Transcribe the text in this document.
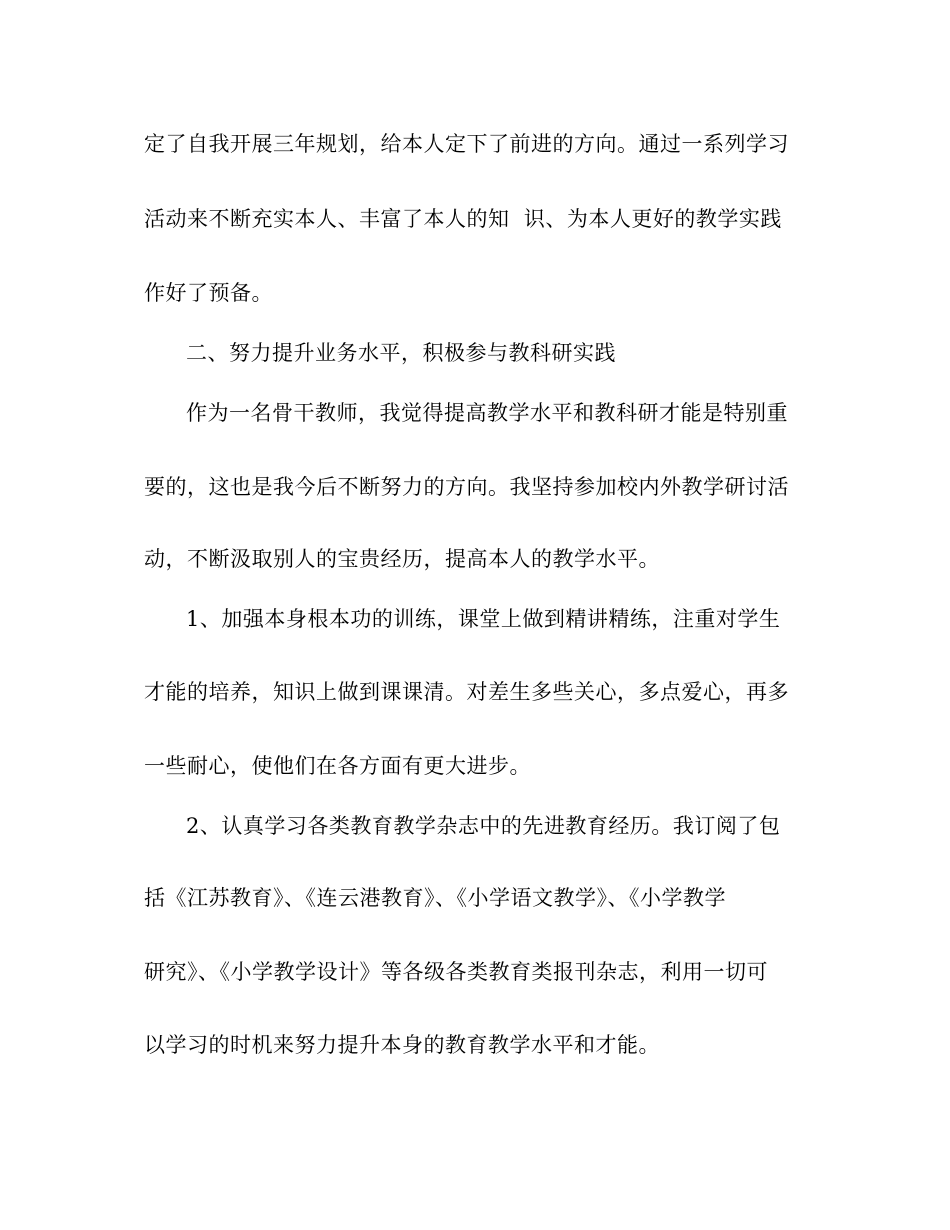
定了自我开展三年规划，给本人定下了前进的方向。通过一系列学习
活动来不断充实本人、丰富了本人的知  识、为本人更好的教学实践
作好了预备。
二、努力提升业务水平，积极参与教科研实践
作为一名骨干教师，我觉得提高教学水平和教科研才能是特别重
要的，这也是我今后不断努力的方向。我坚持参加校内外教学研讨活
动，不断汲取别人的宝贵经历，提高本人的教学水平。
1、加强本身根本功的训练，课堂上做到精讲精练，注重对学生
才能的培养，知识上做到课课清。对差生多些关心，多点爱心，再多
一些耐心，使他们在各方面有更大进步。
2、认真学习各类教育教学杂志中的先进教育经历。我订阅了包
括《江苏教育》、《连云港教育》、《小学语文教学》、《小学教学
研究》、《小学教学设计》等各级各类教育类报刊杂志，利用一切可
以学习的时机来努力提升本身的教育教学水平和才能。
